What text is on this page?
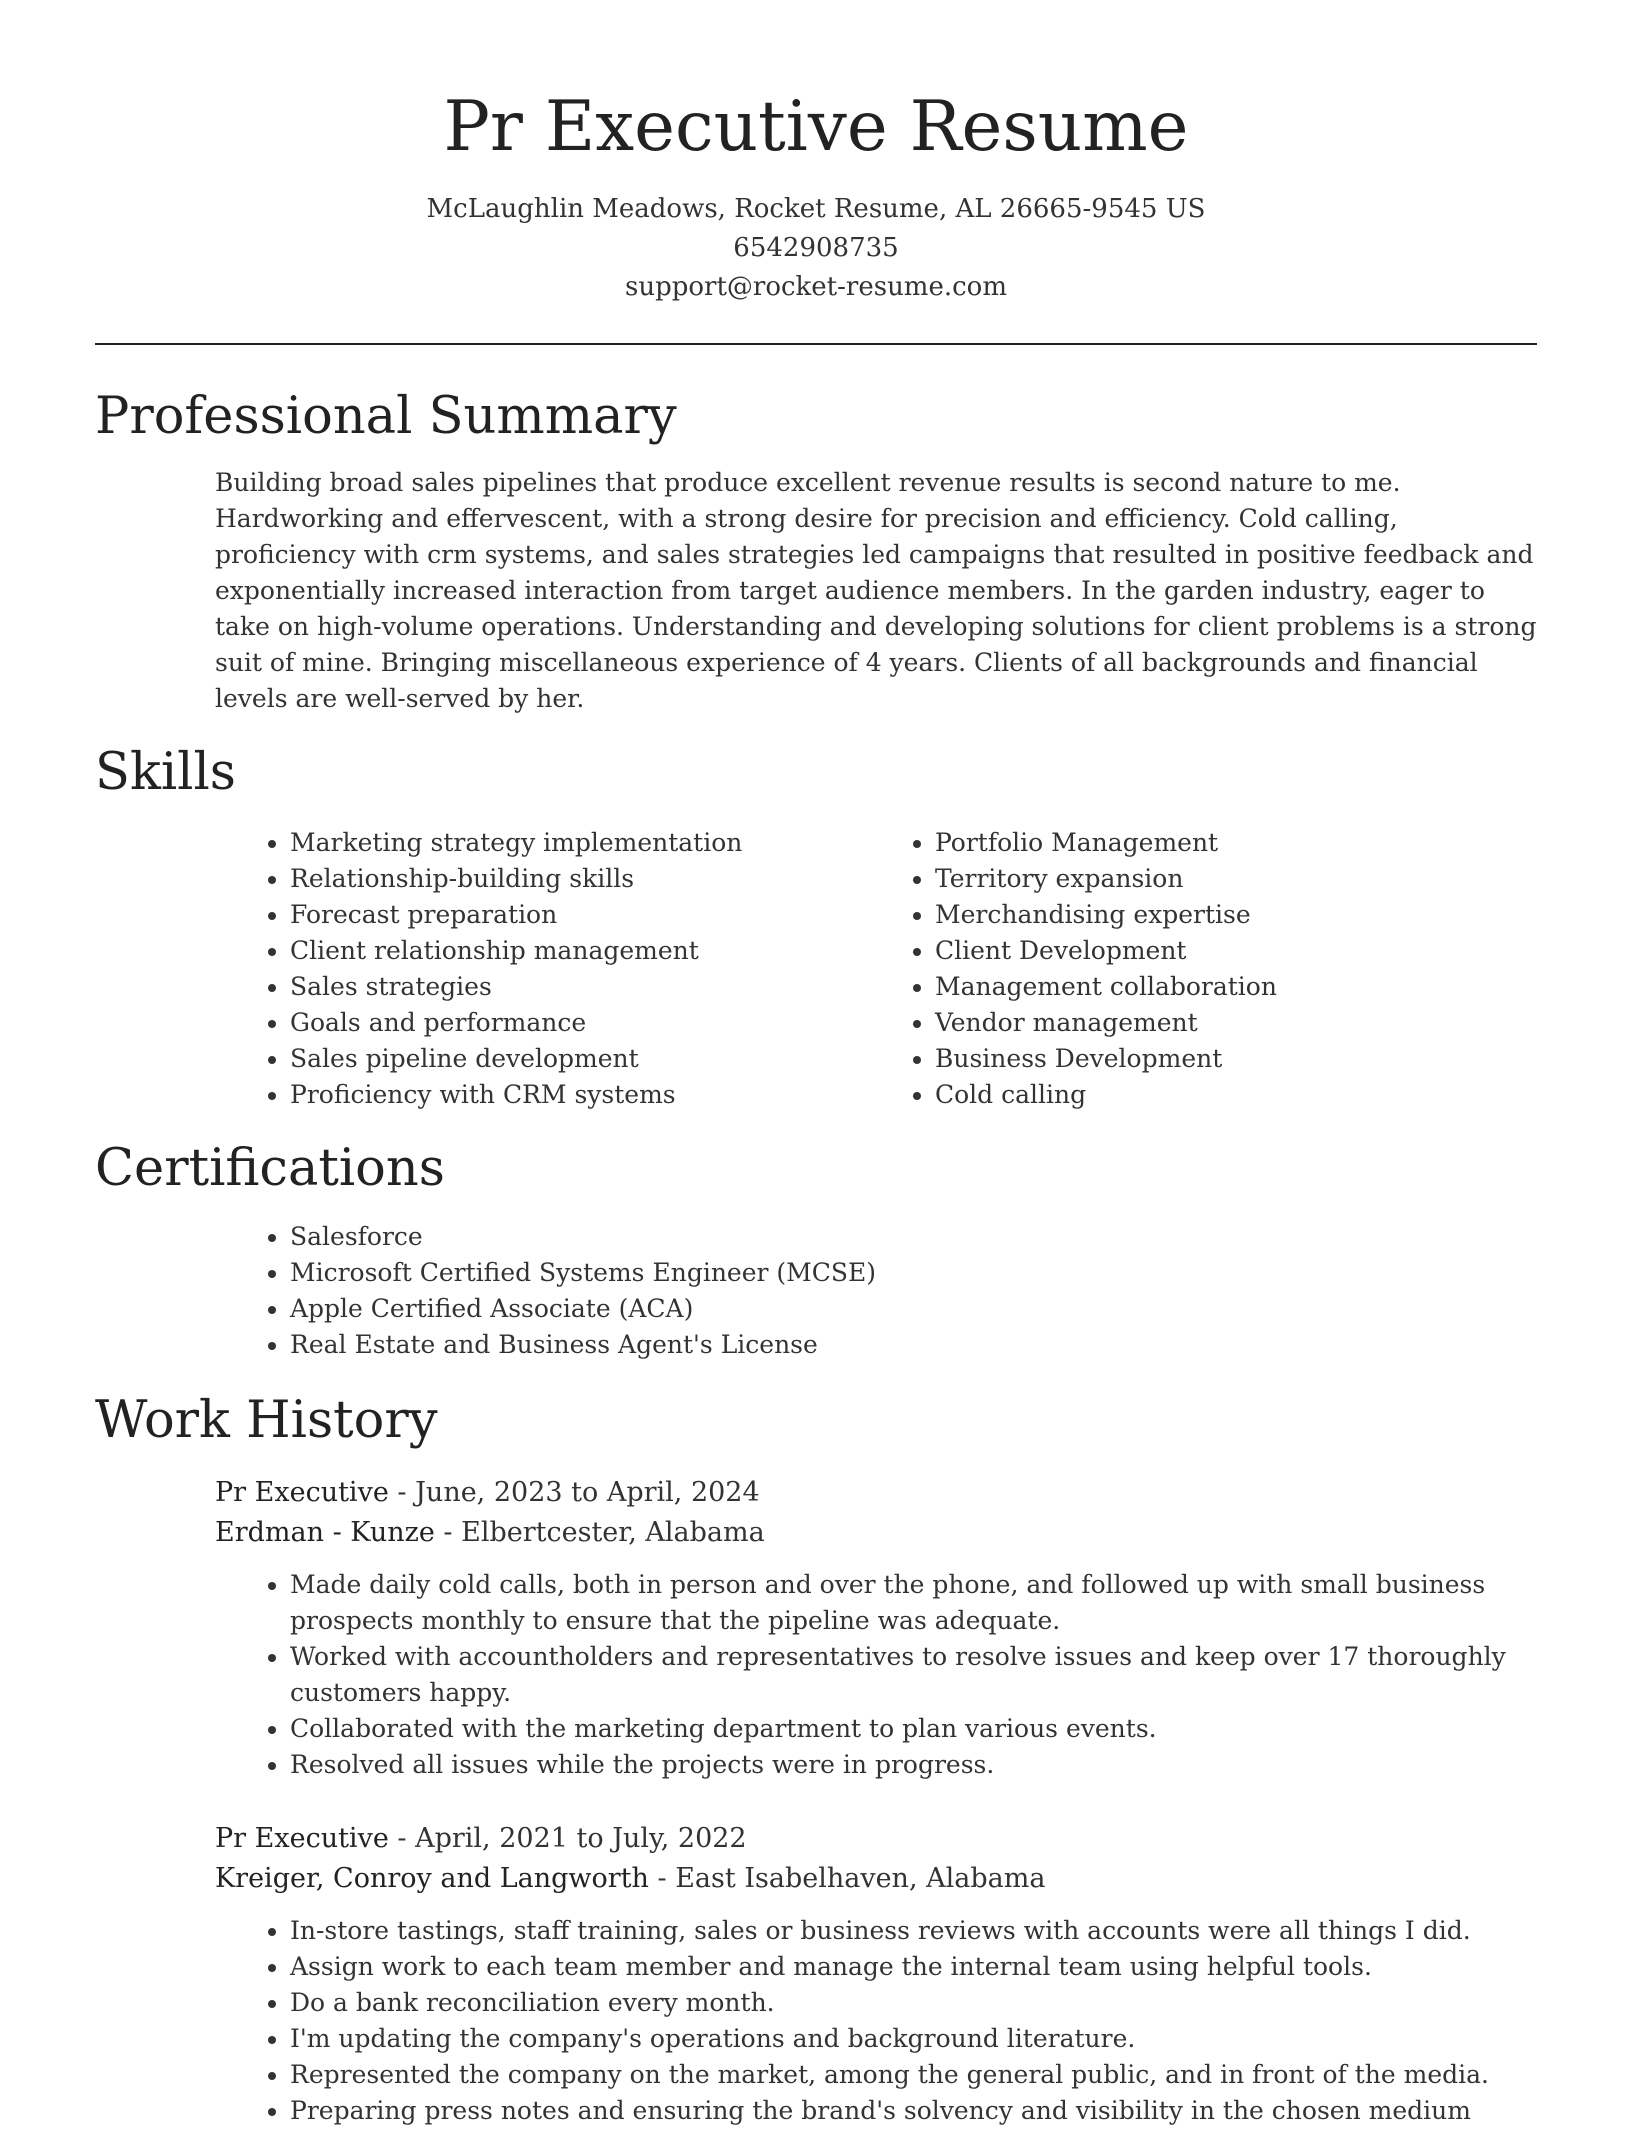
Pr Executive Resume
McLaughlin Meadows, Rocket Resume, AL 26665-9545 US
6542908735
support@rocket-resume.com
Professional Summary

Building broad sales pipelines that produce excellent revenue results is second nature to me. Hardworking and effervescent, with a strong desire for precision and efficiency. Cold calling, proficiency with crm systems, and sales strategies led campaigns that resulted in positive feedback and exponentially increased interaction from target audience members. In the garden industry, eager to take on high-volume operations. Understanding and developing solutions for client problems is a strong suit of mine. Bringing miscellaneous experience of 4 years. Clients of all backgrounds and financial levels are well-served by her.

Skills
• Marketing strategy implementation
• Relationship-building skills
• Forecast preparation
• Client relationship management
• Sales strategies
• Goals and performance
• Sales pipeline development
• Proficiency with CRM systems
• Portfolio Management
• Territory expansion
• Merchandising expertise
• Client Development
• Management collaboration
• Vendor management
• Business Development
• Cold calling
Certifications
• Salesforce
• Microsoft Certified Systems Engineer (MCSE)
• Apple Certified Associate (ACA)
• Real Estate and Business Agent's License
Work History
Pr Executive - June, 2023 to April, 2024
Erdman - Kunze - Elbertcester, Alabama
• Made daily cold calls, both in person and over the phone, and followed up with small business prospects monthly to ensure that the pipeline was adequate.
• Worked with accountholders and representatives to resolve issues and keep over 17 thoroughly customers happy.
• Collaborated with the marketing department to plan various events.
• Resolved all issues while the projects were in progress.
Pr Executive - April, 2021 to July, 2022
Kreiger, Conroy and Langworth - East Isabelhaven, Alabama
• In-store tastings, staff training, sales or business reviews with accounts were all things I did.
• Assign work to each team member and manage the internal team using helpful tools.
• Do a bank reconciliation every month.
• I'm updating the company's operations and background literature.
• Represented the company on the market, among the general public, and in front of the media.
• Preparing press notes and ensuring the brand's solvency and visibility in the chosen medium
